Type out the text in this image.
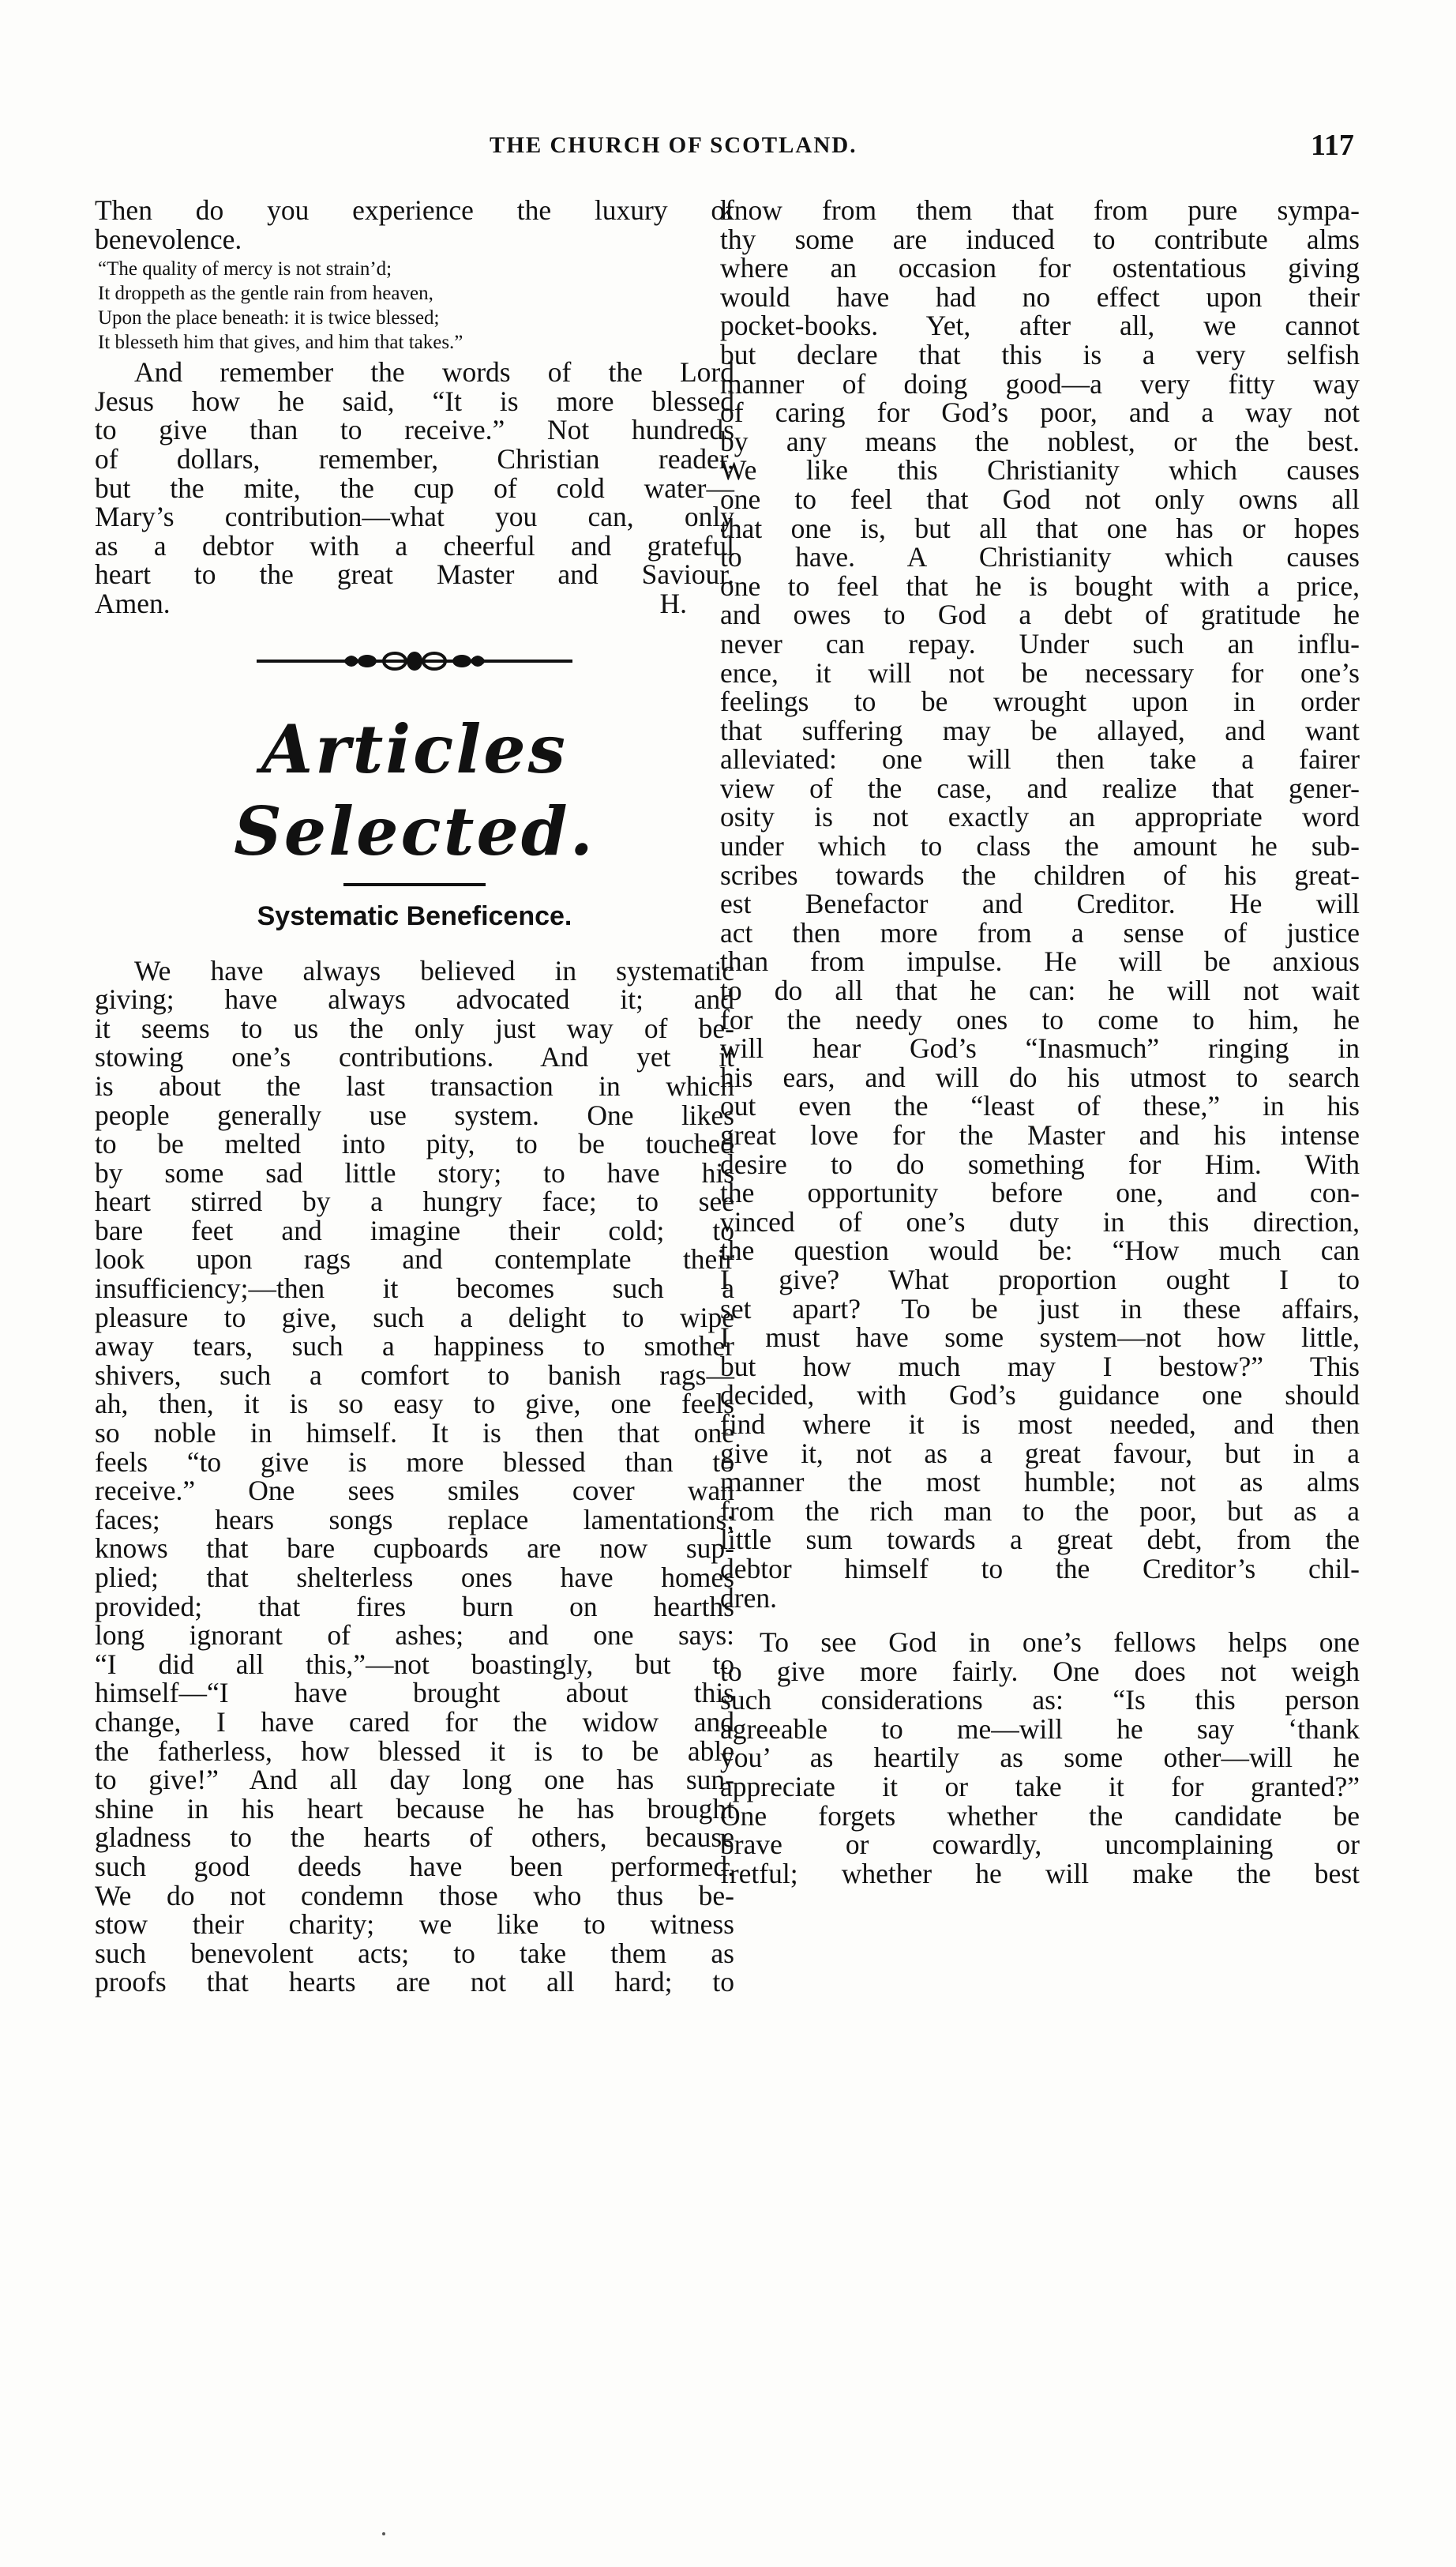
THE CHURCH OF SCOTLAND.	117
Then do you experience the luxury of
benevolence.
“The quality of mercy is not strain’d;
It droppeth as the gentle rain from heaven,
Upon the place beneath: it is twice blessed;
It blesseth him that gives, and him that takes.”
And remember the words of the Lord
Jesus how he said, “It is more blessed
to give than to receive.” Not hundreds
of dollars, remember, Christian reader,
but the mite, the cup of cold water—
Mary’s contribution—what you can, only
as a debtor with a cheerful and grateful
heart to the great Master and Saviour.
Amen.	H.
Articles Selected.
Systematic Beneficence.
We have always believed in systematic
giving; have always advocated it; and
it seems to us the only just way of be-
stowing one’s contributions. And yet it
is about the last transaction in which
people generally use system. One likes
to be melted into pity, to be touched
by some sad little story; to have his
heart stirred by a hungry face; to see
bare feet and imagine their cold; to
look upon rags and contemplate their
insufficiency;—then it becomes such a
pleasure to give, such a delight to wipe
away tears, such a happiness to smother
shivers, such a comfort to banish rags—
ah, then, it is so easy to give, one feels
so noble in himself. It is then that one
feels “to give is more blessed than to
receive.” One sees smiles cover wan
faces; hears songs replace lamentations;
knows that bare cupboards are now sup-
plied; that shelterless ones have homes
provided; that fires burn on hearths
long ignorant of ashes; and one says:
“I did all this,”—not boastingly, but to
himself—“I have brought about this
change, I have cared for the widow and
the fatherless, how blessed it is to be able
to give!” And all day long one has sun-
shine in his heart because he has brought
gladness to the hearts of others, because
such good deeds have been performed.
We do not condemn those who thus be-
stow their charity; we like to witness
such benevolent acts; to take them as
proofs that hearts are not all hard; to
know from them that from pure sympa-
thy some are induced to contribute alms
where an occasion for ostentatious giving
would have had no effect upon their
pocket-books. Yet, after all, we cannot
but declare that this is a very selfish
manner of doing good—a very fitty way
of caring for God’s poor, and a way not
by any means the noblest, or the best.
We like this Christianity which causes
one to feel that God not only owns all
that one is, but all that one has or hopes
to have. A Christianity which causes
one to feel that he is bought with a price,
and owes to God a debt of gratitude he
never can repay. Under such an influ-
ence, it will not be necessary for one’s
feelings to be wrought upon in order
that suffering may be allayed, and want
alleviated: one will then take a fairer
view of the case, and realize that gener-
osity is not exactly an appropriate word
under which to class the amount he sub-
scribes towards the children of his great-
est Benefactor and Creditor. He will
act then more from a sense of justice
than from impulse. He will be anxious
to do all that he can: he will not wait
for the needy ones to come to him, he
will hear God’s “Inasmuch” ringing in
his ears, and will do his utmost to search
out even the “least of these,” in his
great love for the Master and his intense
desire to do something for Him. With
the opportunity before one, and con-
vinced of one’s duty in this direction,
the question would be: “How much can
I give? What proportion ought I to
set apart? To be just in these affairs,
I must have some system—not how little,
but how much may I bestow?” This
decided, with God’s guidance one should
find where it is most needed, and then
give it, not as a great favour, but in a
manner the most humble; not as alms
from the rich man to the poor, but as a
little sum towards a great debt, from the
debtor himself to the Creditor’s chil-
dren.
To see God in one’s fellows helps one
to give more fairly. One does not weigh
such considerations as: “Is this person
agreeable to me—will he say ‘thank
you’ as heartily as some other—will he
appreciate it or take it for granted?”
One forgets whether the candidate be
brave or cowardly, uncomplaining or
fretful; whether he will make the best
